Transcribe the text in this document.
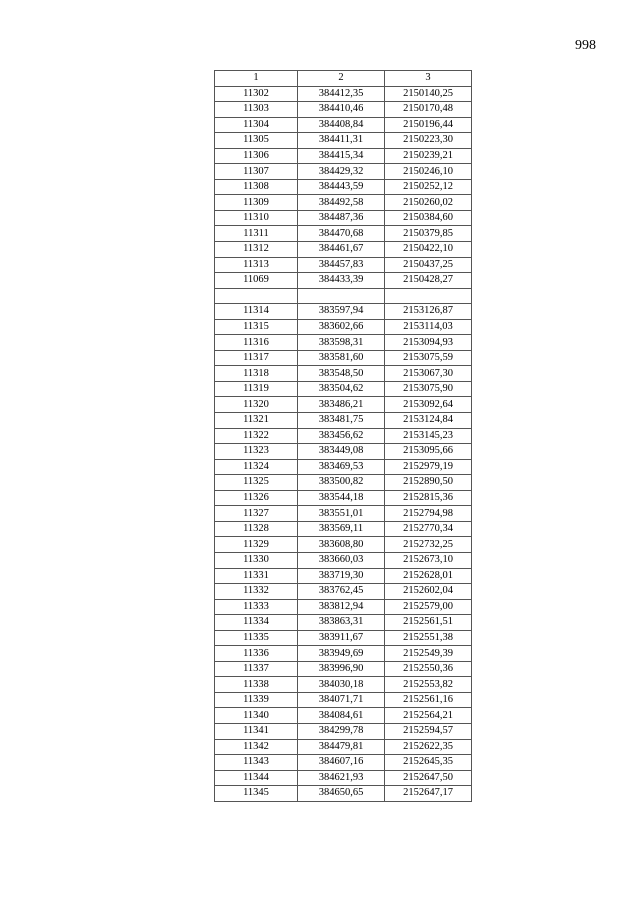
998
1	2	3
11302	384412,35	2150140,25
11303	384410,46	2150170,48
11304	384408,84	2150196,44
11305	384411,31	2150223,30
11306	384415,34	2150239,21
11307	384429,32	2150246,10
11308	384443,59	2150252,12
11309	384492,58	2150260,02
11310	384487,36	2150384,60
11311	384470,68	2150379,85
11312	384461,67	2150422,10
11313	384457,83	2150437,25
11069	384433,39	2150428,27

11314	383597,94	2153126,87
11315	383602,66	2153114,03
11316	383598,31	2153094,93
11317	383581,60	2153075,59
11318	383548,50	2153067,30
11319	383504,62	2153075,90
11320	383486,21	2153092,64
11321	383481,75	2153124,84
11322	383456,62	2153145,23
11323	383449,08	2153095,66
11324	383469,53	2152979,19
11325	383500,82	2152890,50
11326	383544,18	2152815,36
11327	383551,01	2152794,98
11328	383569,11	2152770,34
11329	383608,80	2152732,25
11330	383660,03	2152673,10
11331	383719,30	2152628,01
11332	383762,45	2152602,04
11333	383812,94	2152579,00
11334	383863,31	2152561,51
11335	383911,67	2152551,38
11336	383949,69	2152549,39
11337	383996,90	2152550,36
11338	384030,18	2152553,82
11339	384071,71	2152561,16
11340	384084,61	2152564,21
11341	384299,78	2152594,57
11342	384479,81	2152622,35
11343	384607,16	2152645,35
11344	384621,93	2152647,50
11345	384650,65	2152647,17
